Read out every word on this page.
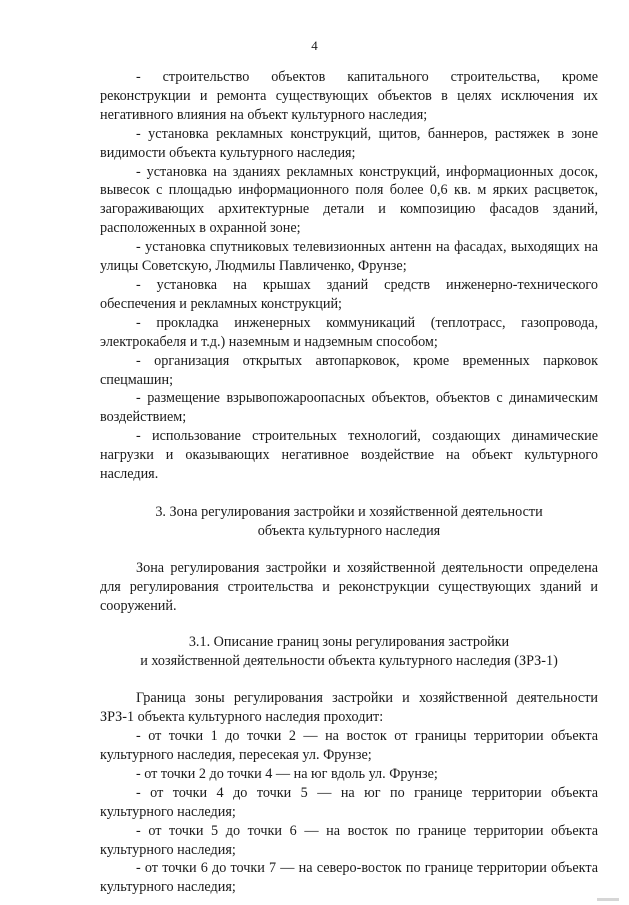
4

- строительство объектов капитального строительства, кроме реконструкции и ремонта существующих объектов в целях исключения их негативного влияния на объект культурного наследия;

- установка рекламных конструкций, щитов, баннеров, растяжек в зоне видимости объекта культурного наследия;

- установка на зданиях рекламных конструкций, информационных досок, вывесок с площадью информационного поля более 0,6 кв. м ярких расцветок, загораживающих архитектурные детали и композицию фасадов зданий, расположенных в охранной зоне;

- установка спутниковых телевизионных антенн на фасадах, выходящих на улицы Советскую, Людмилы Павличенко, Фрунзе;

- установка на крышах зданий средств инженерно-технического обеспечения и рекламных конструкций;

- прокладка инженерных коммуникаций (теплотрасс, газопровода, электрокабеля и т.д.) наземным и надземным способом;

- организация открытых автопарковок, кроме временных парковок спецмашин;

- размещение взрывопожароопасных объектов, объектов с динамическим воздействием;

- использование строительных технологий, создающих динамические нагрузки и оказывающих негативное воздействие на объект культурного наследия.

3. Зона регулирования застройки и хозяйственной деятельности

объекта культурного наследия

Зона регулирования застройки и хозяйственной деятельности определена для регулирования строительства и реконструкции существующих зданий и сооружений.

3.1. Описание границ зоны регулирования застройки

и хозяйственной деятельности объекта культурного наследия (ЗРЗ-1)

Граница зоны регулирования застройки и хозяйственной деятельности ЗРЗ-1 объекта культурного наследия проходит:

- от точки 1 до точки 2 — на восток от границы территории объекта культурного наследия, пересекая ул. Фрунзе;

- от точки 2 до точки 4 — на юг вдоль ул. Фрунзе;

- от точки 4 до точки 5 — на юг по границе территории объекта культурного наследия;

- от точки 5 до точки 6 — на восток по границе территории объекта культурного наследия;

- от точки 6 до точки 7 — на северо-восток по границе территории объекта культурного наследия;
